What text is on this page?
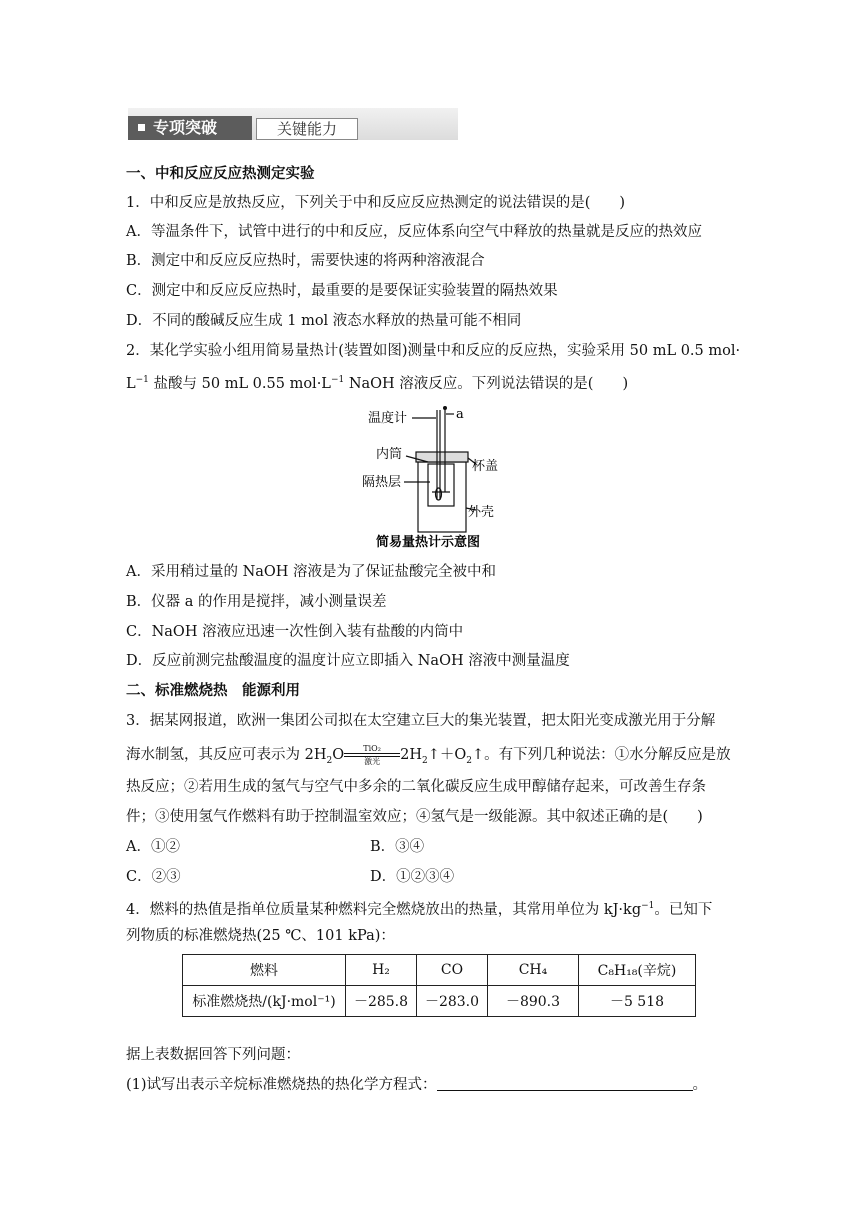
专项突破	关键能力
一、中和反应反应热测定实验
1．中和反应是放热反应，下列关于中和反应反应热测定的说法错误的是(　　)
A．等温条件下，试管中进行的中和反应，反应体系向空气中释放的热量就是反应的热效应
B．测定中和反应反应热时，需要快速的将两种溶液混合
C．测定中和反应反应热时，最重要的是要保证实验装置的隔热效果
D．不同的酸碱反应生成 1 mol 液态水释放的热量可能不相同
2．某化学实验小组用简易量热计(装置如图)测量中和反应的反应热，实验采用 50 mL 0.5 mol·
$L^{-1}$ 盐酸与 50 mL 0.55 $mol\cdot L^{-1}$ NaOH 溶液反应。下列说法错误的是(　　)
温度计	a
内筒
杯盖
隔热层
外壳
简易量热计示意图
A．采用稍过量的 NaOH 溶液是为了保证盐酸完全被中和
B．仪器 a 的作用是搅拌，减小测量误差
C．NaOH 溶液应迅速一次性倒入装有盐酸的内筒中
D．反应前测完盐酸温度的温度计应立即插入 NaOH 溶液中测量温度
二、标准燃烧热　能源利用
3．据某网报道，欧洲一集团公司拟在太空建立巨大的集光装置，把太阳光变成激光用于分解
海水制氢，其反应可表示为 $2H_2O$	TiO₂
激光	$2H_2↑+O_2↑$。有下列几种说法：①水分解反应是放
热反应；②若用生成的氢气与空气中多余的二氧化碳反应生成甲醇储存起来，可改善生存条
件；③使用氢气作燃料有助于控制温室效应；④氢气是一级能源。其中叙述正确的是(　　)
A．①②	B．③④
C．②③	D．①②③④
4．燃料的热值是指单位质量某种燃料完全燃烧放出的热量，其常用单位为 $kJ\cdot kg^{-1}$。已知下
列物质的标准燃烧热(25 ℃、101 kPa)：
燃料	H₂	CO	CH₄	C₈H₁₈(辛烷)
标准燃烧热/(kJ·mol⁻¹)	－285.8	－283.0	－890.3	－5 518
据上表数据回答下列问题：
(1)试写出表示辛烷标准燃烧热的热化学方程式：	。
